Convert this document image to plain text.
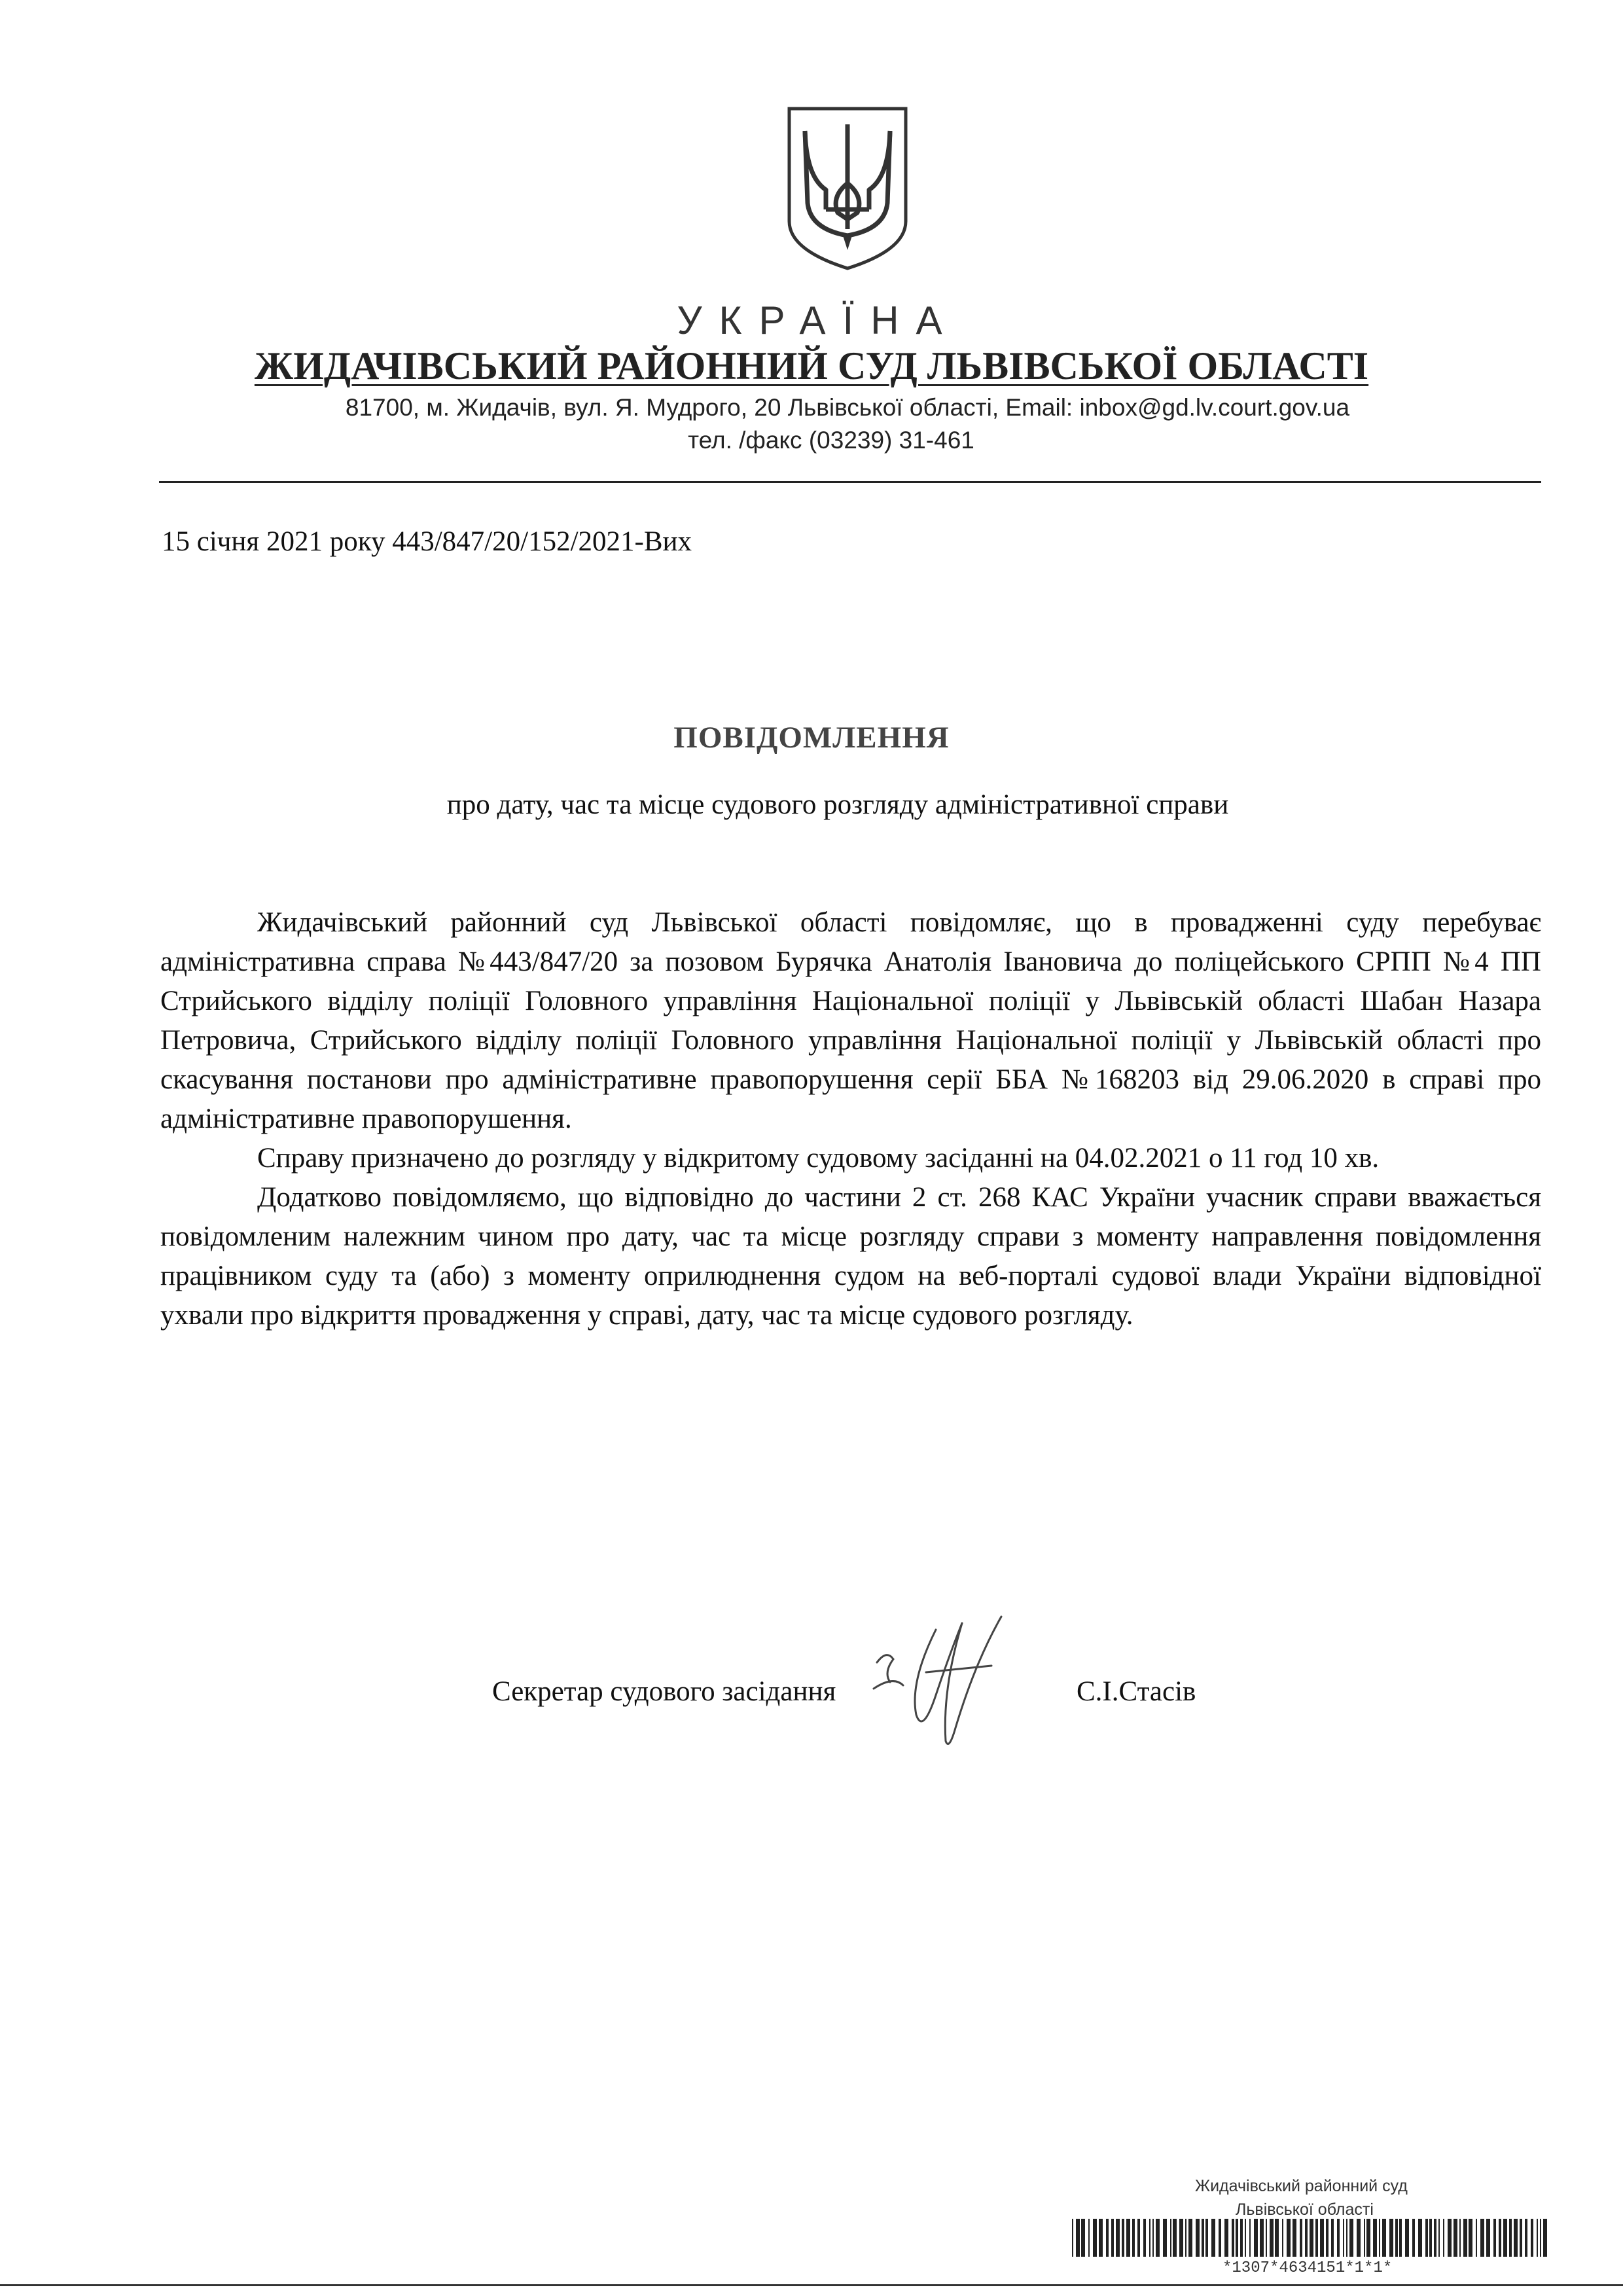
УКРАЇНА
ЖИДАЧІВСЬКИЙ РАЙОННИЙ СУД ЛЬВІВСЬКОЇ ОБЛАСТІ
81700, м. Жидачів, вул. Я. Мудрого, 20 Львівської області, Email: inbox@gd.lv.court.gov.ua
тел. /факс (03239) 31-461
15 січня 2021 року 443/847/20/152/2021-Вих
ПОВІДОМЛЕННЯ
про дату, час та місце судового розгляду адміністративної справи

Жидачівський районний суд Львівської області повідомляє, що в провадженні суду перебуває адміністративна справа №443/847/20 за позовом Бурячка Анатолія Івановича до поліцейського СРПП №4 ПП Стрийського відділу поліції Головного управління Національної поліції у Львівській області Шабан Назара Петровича, Стрийського відділу поліції Головного управління Національної поліції у Львівській області про скасування постанови про адміністративне правопорушення серії ББА №168203 від 29.06.2020 в справі про адміністративне правопорушення.

Справу призначено до розгляду у відкритому судовому засіданні на 04.02.2021 о 11 год 10 хв.

Додатково повідомляємо, що відповідно до частини 2 ст. 268 КАС України учасник справи вважається повідомленим належним чином про дату, час та місце розгляду справи з моменту направлення повідомлення працівником суду та (або) з моменту оприлюднення судом на веб-порталі судової влади України відповідної ухвали про відкриття провадження у справі, дату, час та місце судового розгляду.

Секретар судового засідання	С.І.Стасів
Жидачівський районний суд
Львівської області
*1307*4634151*1*1*
